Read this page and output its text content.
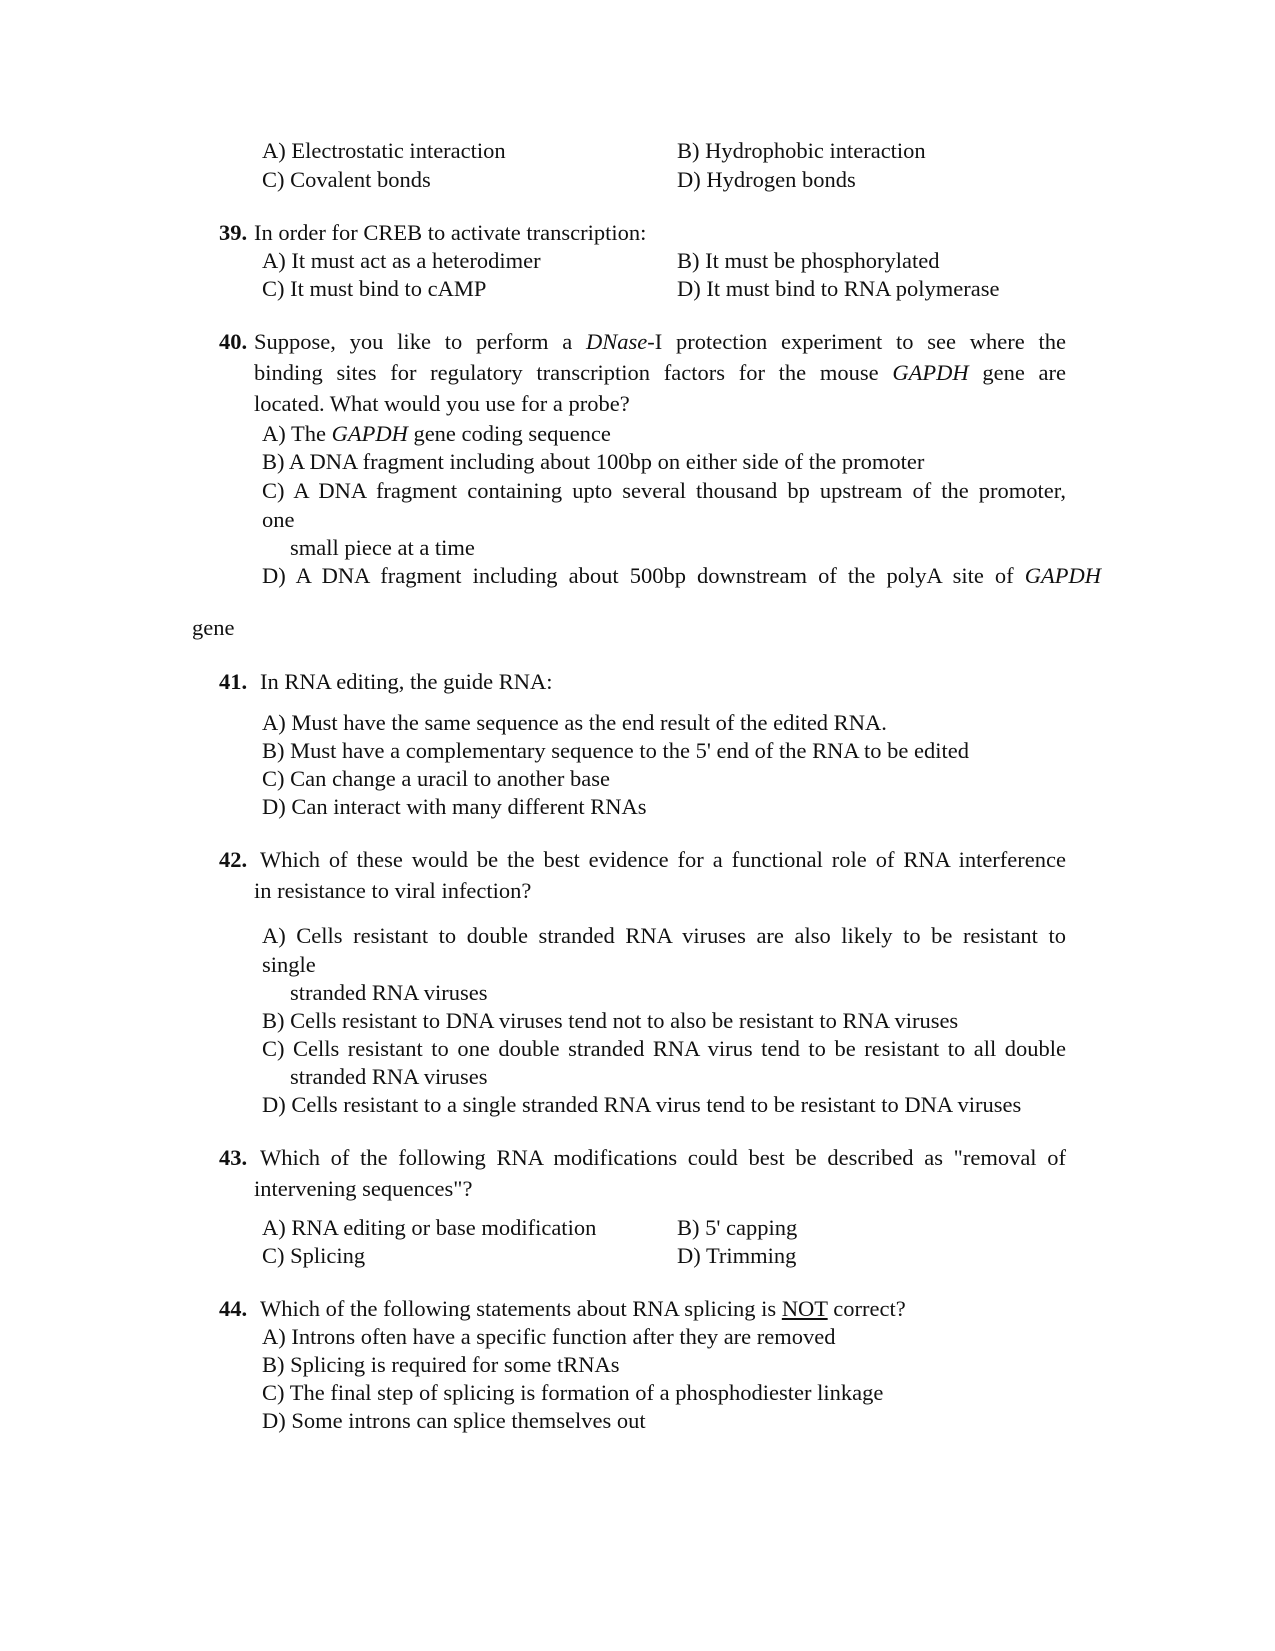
A) Electrostatic interaction	B) Hydrophobic interaction
C) Covalent bonds	D) Hydrogen bonds
39. In order for CREB to activate transcription:
A) It must act as a heterodimer	B) It must be phosphorylated
C) It must bind to cAMP	D) It must bind to RNA polymerase
40. Suppose, you like to perform a DNase-I protection experiment to see where the
binding sites for regulatory transcription factors for the mouse GAPDH gene are
located. What would you use for a probe?
A) The GAPDH gene coding sequence
B) A DNA fragment including about 100bp on either side of the promoter
C) A DNA fragment containing upto several thousand bp upstream of the promoter,
one
small piece at a time
D) A DNA fragment including about 500bp downstream of the polyA site of GAPDH
gene
41. In RNA editing, the guide RNA:
A) Must have the same sequence as the end result of the edited RNA.
B) Must have a complementary sequence to the 5' end of the RNA to be edited
C) Can change a uracil to another base
D) Can interact with many different RNAs
42. Which of these would be the best evidence for a functional role of RNA interference
in resistance to viral infection?
A) Cells resistant to double stranded RNA viruses are also likely to be resistant to
single
stranded RNA viruses
B) Cells resistant to DNA viruses tend not to also be resistant to RNA viruses
C) Cells resistant to one double stranded RNA virus tend to be resistant to all double
stranded RNA viruses
D) Cells resistant to a single stranded RNA virus tend to be resistant to DNA viruses
43. Which of the following RNA modifications could best be described as "removal of
intervening sequences"?
A) RNA editing or base modification	B) 5' capping
C) Splicing	D) Trimming
44. Which of the following statements about RNA splicing is NOT correct?
A) Introns often have a specific function after they are removed
B) Splicing is required for some tRNAs
C) The final step of splicing is formation of a phosphodiester linkage
D) Some introns can splice themselves out
